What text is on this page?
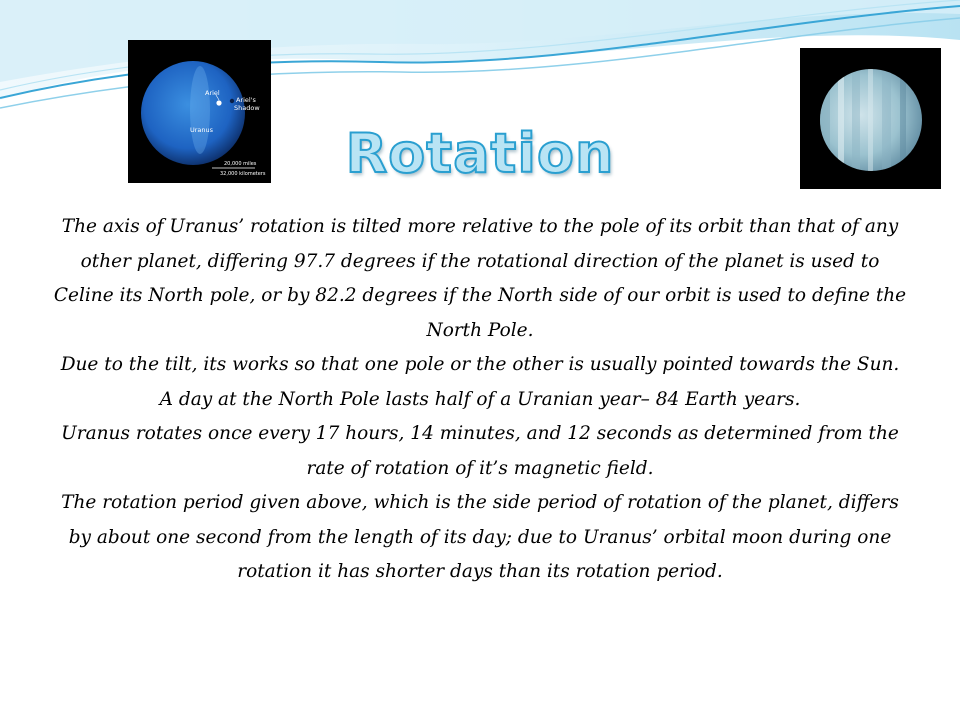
Ariel
Ariel's
Shadow
Uranus
20,000 miles
32,000 kilometers	Rotation
The axis of Uranus’ rotation is tilted more relative to the pole of its orbit than that of any other planet, differing 97.7 degrees if the rotational direction of the planet is used to Celine its North pole, or by 82.2 degrees if the North side of our orbit is used to define the North Pole.
Due to the tilt, its works so that one pole or the other is usually pointed towards the Sun.
A day at the North Pole lasts half of a Uranian year– 84 Earth years.
Uranus rotates once every 17 hours, 14 minutes, and 12 seconds as determined from the rate of rotation of it’s magnetic field.
The rotation period given above, which is the side period of rotation of the planet, differs by about one second from the length of its day; due to Uranus’ orbital moon during one rotation it has shorter days than its rotation period.
